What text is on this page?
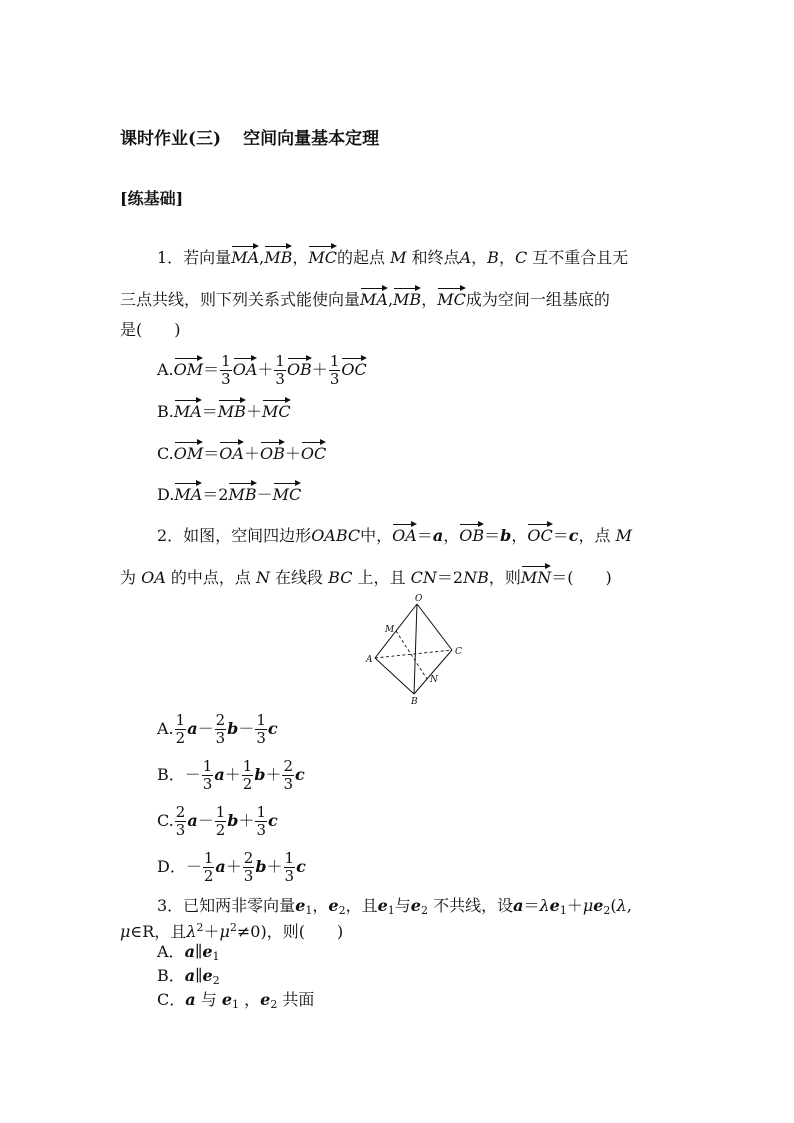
课时作业(三) 空间向量基本定理
[练基础]
1．若向量MA,MB，MC的起点 M 和终点A，B，C 互不重合且无
三点共线，则下列关系式能使向量MA,MB，MC成为空间一组基底的
是(　　)
$A.OM= \frac{1}{3} OA+ \frac{1}{3} OB+ \frac{1}{3}$ OC
B.MA＝MB＋MC
C.OM＝OA＋OB＋OC
D.MA＝2MB－MC
2．如图，空间四边形OABC中，OA＝a，OB＝b，OC＝c，点 M
为 OA 的中点，点 N 在线段 BC 上，且 CN＝2NB，则MN＝(　　)
O
M
A
C
N
B
A. $\frac{1}{2} a- \frac{2}{3} b- \frac{1}{3}$ c
B．－ $\frac{1}{3} a+ \frac{1}{2} b+ \frac{2}{3}$ c
C. $\frac{2}{3} a- \frac{1}{2} b+ \frac{1}{3}$ c
D．－ $\frac{1}{2} a+ \frac{2}{3} b+ \frac{1}{3}$ c
3．已知两非零向量$e_1$，$e_2$，且$e_1$与$e_2$ 不共线，设$a=\lambda e_1+\mu e_2(\lambda$,
μ∈R，且$\lambda^2+\mu^2\ne 0$)，则(　　)
A．$a\parallel e_1$
B．$a\parallel e_2$
C．a 与 $e_1$ ，$e_2$ 共面
